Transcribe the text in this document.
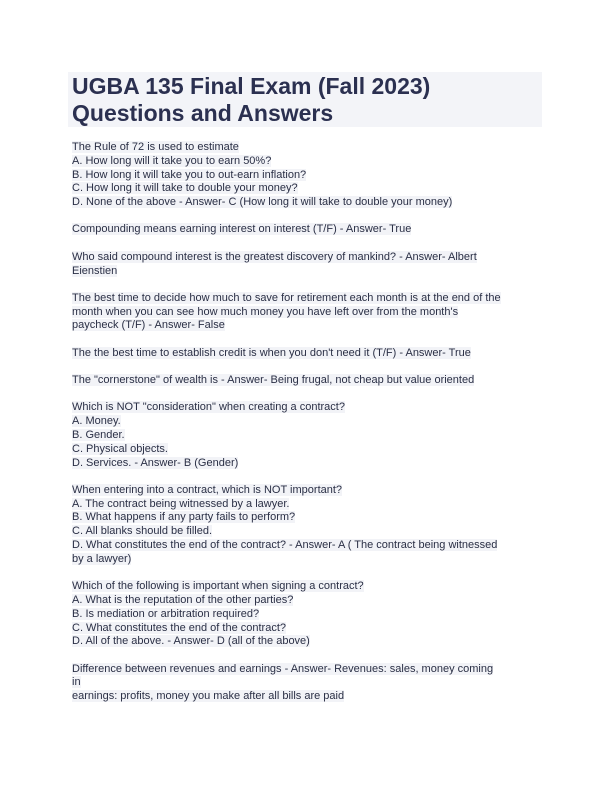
UGBA 135 Final Exam (Fall 2023)
Questions and Answers
The Rule of 72 is used to estimate
A. How long will it take you to earn 50%?
B. How long it will take you to out-earn inflation?
C. How long it will take to double your money?
D. None of the above - Answer- C (How long it will take to double your money)
Compounding means earning interest on interest (T/F) - Answer- True
Who said compound interest is the greatest discovery of mankind? - Answer- Albert
Eienstien
The best time to decide how much to save for retirement each month is at the end of the
month when you can see how much money you have left over from the month's
paycheck (T/F) - Answer- False
The the best time to establish credit is when you don't need it (T/F) - Answer- True
The "cornerstone" of wealth is - Answer- Being frugal, not cheap but value oriented
Which is NOT "consideration" when creating a contract?
A. Money.
B. Gender.
C. Physical objects.
D. Services. - Answer- B (Gender)
When entering into a contract, which is NOT important?
A. The contract being witnessed by a lawyer.
B. What happens if any party fails to perform?
C. All blanks should be filled.
D. What constitutes the end of the contract? - Answer- A ( The contract being witnessed
by a lawyer)
Which of the following is important when signing a contract?
A. What is the reputation of the other parties?
B. Is mediation or arbitration required?
C. What constitutes the end of the contract?
D. All of the above. - Answer- D (all of the above)
Difference between revenues and earnings - Answer- Revenues: sales, money coming
in
earnings: profits, money you make after all bills are paid
